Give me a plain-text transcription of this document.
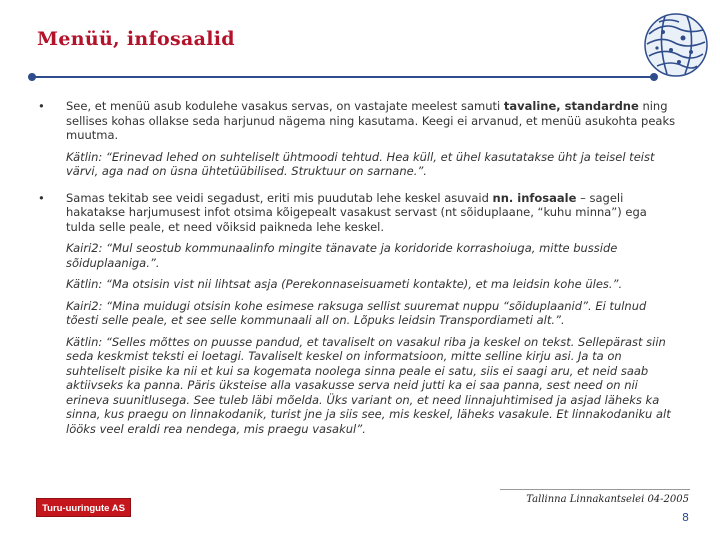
Menüü, infosaalid
• See, et menüü asub kodulehe vasakus servas, on vastajate meelest samuti tavaline, standardne ning sellises kohas ollakse seda harjunud nägema ning kasutama. Keegi ei arvanud, et menüü asukohta peaks muutma.
Kätlin: “Erinevad lehed on suhteliselt ühtmoodi tehtud. Hea küll, et ühel kasutatakse üht ja teisel teist värvi, aga nad on üsna ühtetüübilised. Struktuur on sarnane.”.
• Samas tekitab see veidi segadust, eriti mis puudutab lehe keskel asuvaid nn. infosaale – sageli hakatakse harjumusest infot otsima kõigepealt vasakust servast (nt sõiduplaane, “kuhu minna”) ega tulda selle peale, et need võiksid paikneda lehe keskel.
Kairi2: “Mul seostub kommunaalinfo mingite tänavate ja koridoride korrashoiuga, mitte bussidе sõiduplaaniga.”.
Kätlin: “Ma otsisin vist nii lihtsat asja (Perekonnaseisuameti kontakte), et ma leidsin kohe üles.”.
Kairi2: “Mina muidugi otsisin kohe esimese raksuga sellist suuremat nuppu “sõiduplaanid”. Ei tulnud tõesti selle peale, et see selle kommunaali all on. Lõpuks leidsin Transpordiameti alt.”.
Kätlin: “Selles mõttes on puusse pandud, et tavaliselt on vasakul riba ja keskel on tekst. Sellepärast siin seda keskmist teksti ei loetagi. Tavaliselt keskel on informatsioon, mitte selline kirju asi. Ja ta on suhteliselt pisike ka nii et kui sa kogemata noolega sinna peale ei satu, siis ei saagi aru, et neid saab aktiivseks ka panna. Päris üksteise alla vasakusse serva neid jutti ka ei saa panna, sest need on nii erineva suunitlusega. See tuleb läbi mõelda. Üks variant on, et need linnajuhtimised ja asjad läheks ka sinna, kus praegu on linnakodanik, turist jne ja siis see, mis keskel, läheks vasakule. Et linnakodaniku alt lööks veel eraldi rea nendega, mis praegu vasakul”.
Turu-uuringute AS
Tallinna Linnakantselei 04-2005
8
